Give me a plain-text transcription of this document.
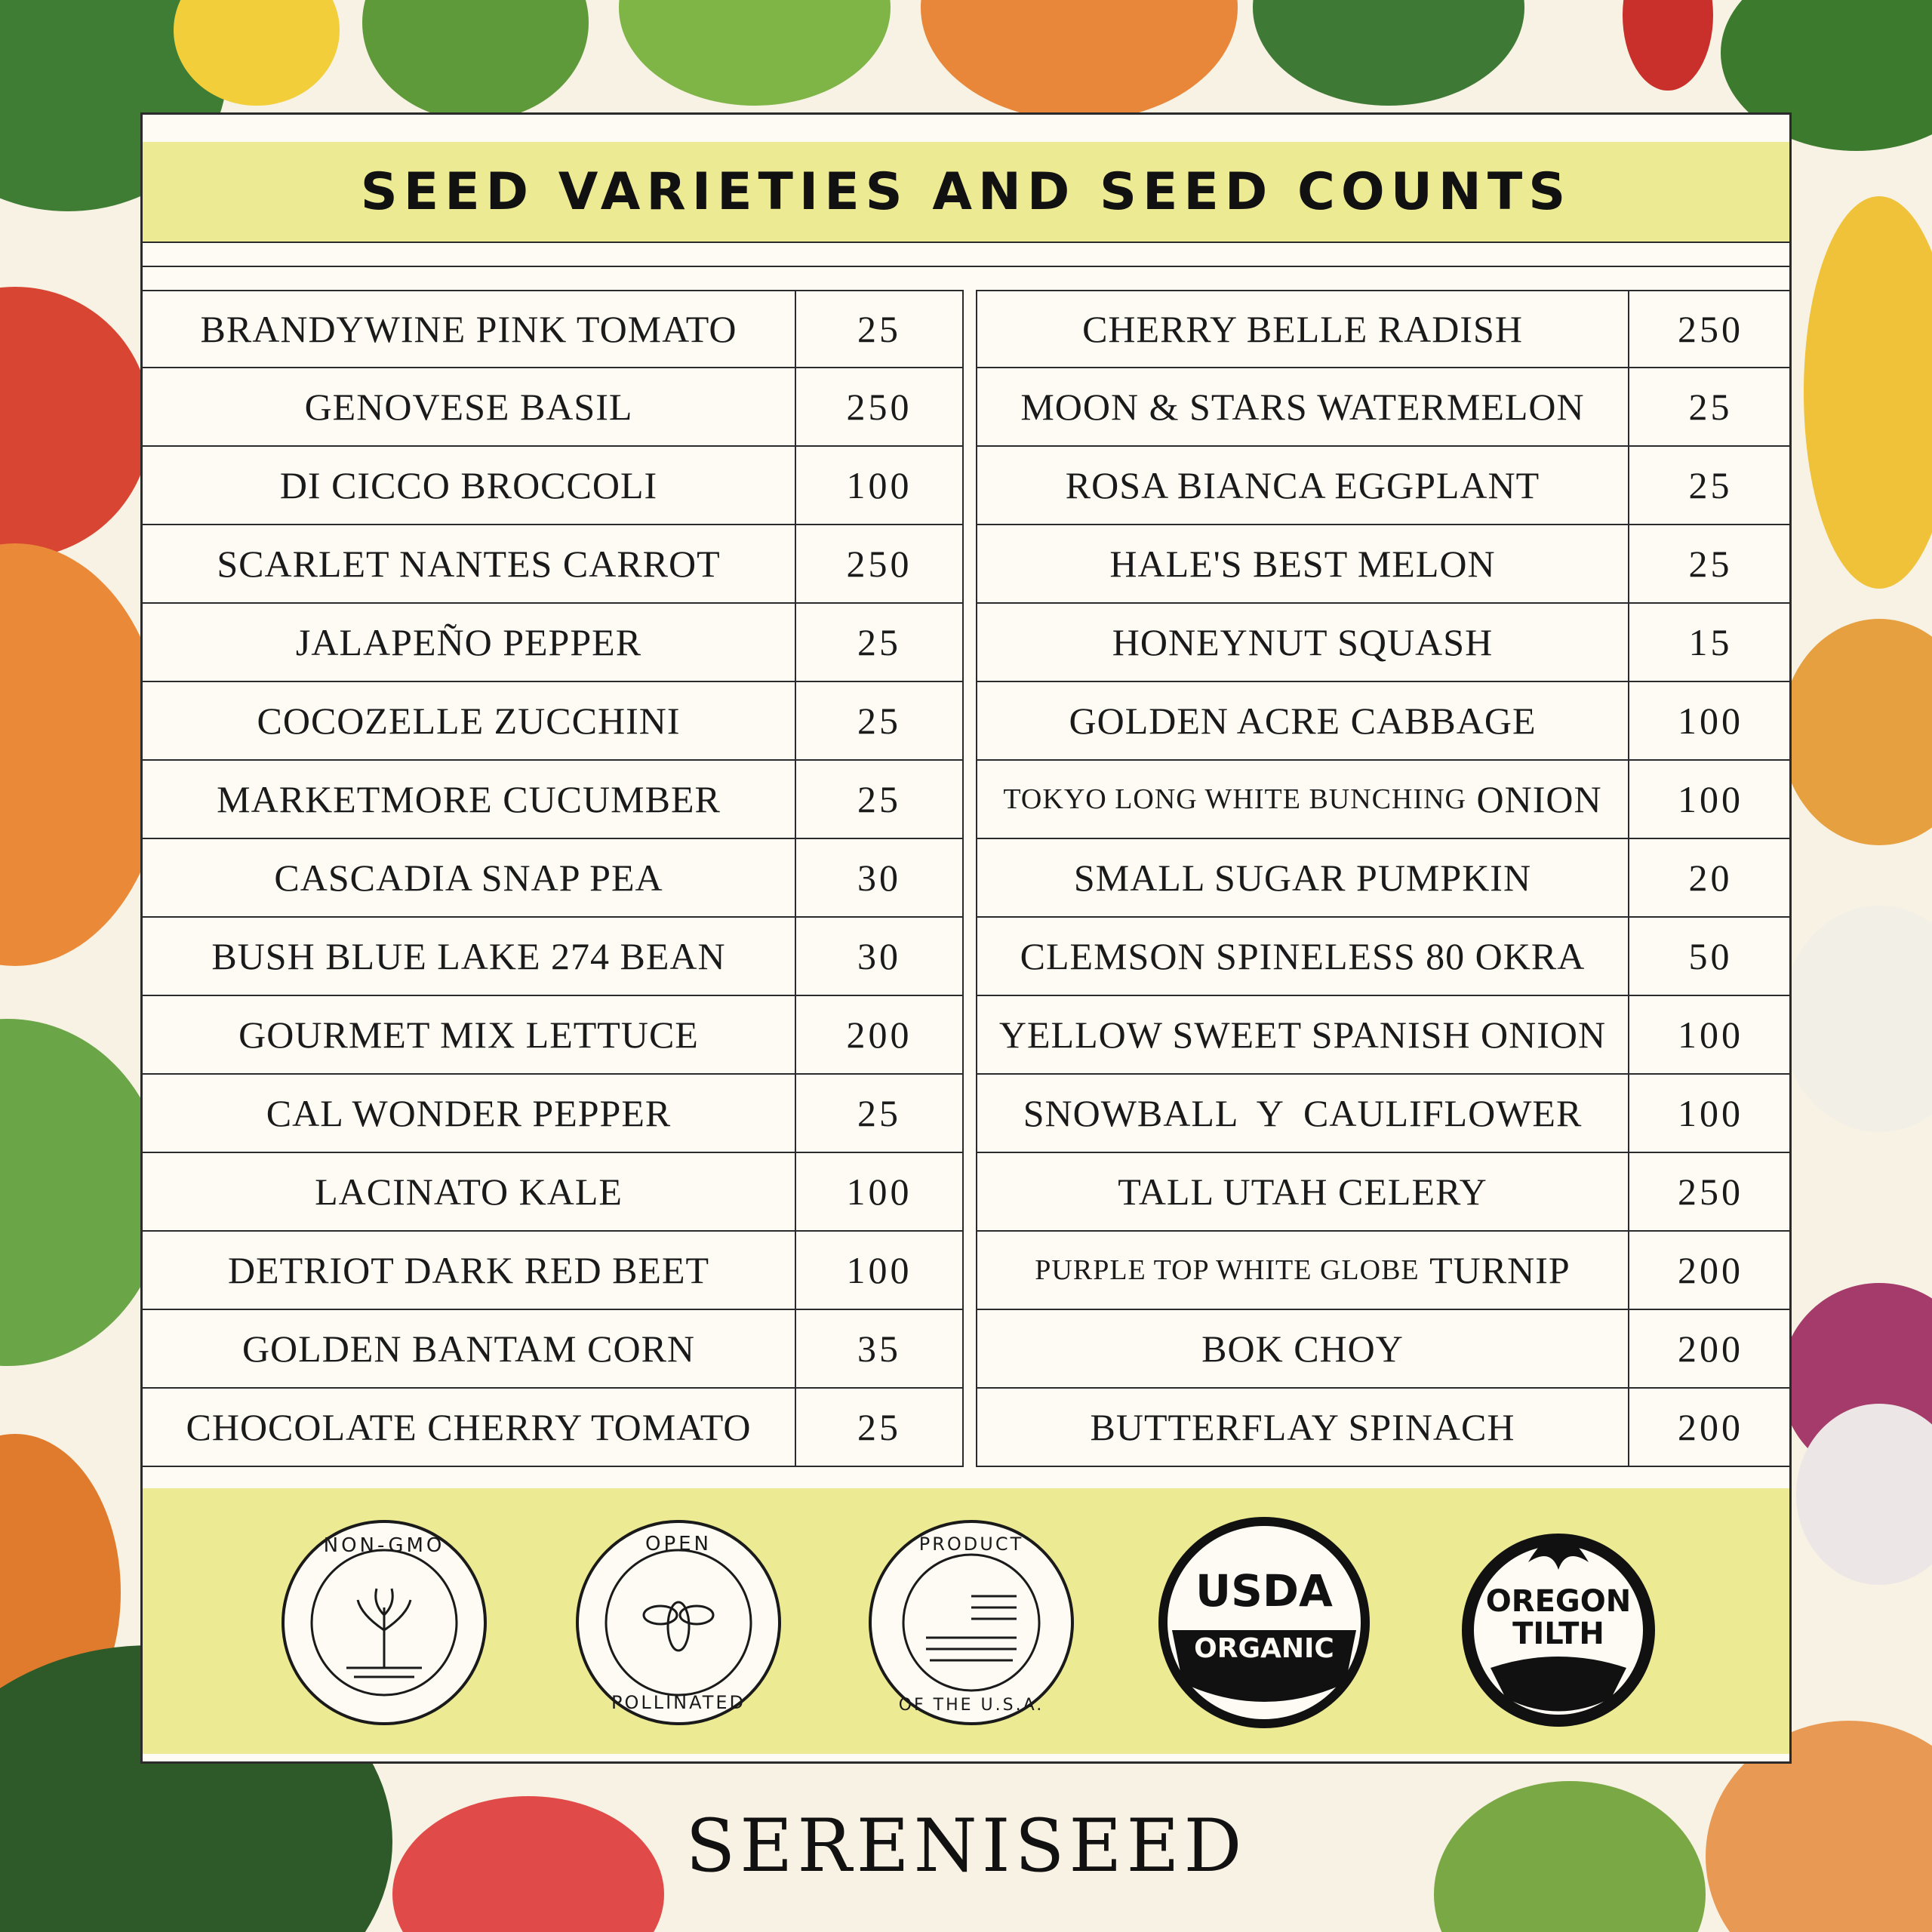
SEED VARIETIES AND SEED COUNTS
BRANDYWINE PINK TOMATO	25
GENOVESE BASIL	250
DI CICCO BROCCOLI	100
SCARLET NANTES CARROT	250
JALAPEÑO PEPPER	25
COCOZELLE ZUCCHINI	25
MARKETMORE CUCUMBER	25
CASCADIA SNAP PEA	30
BUSH BLUE LAKE 274 BEAN	30
GOURMET MIX LETTUCE	200
CAL WONDER PEPPER	25
LACINATO KALE	100
DETRIOT DARK RED BEET	100
GOLDEN BANTAM CORN	35
CHOCOLATE CHERRY TOMATO	25
CHERRY BELLE RADISH	250
MOON & STARS WATERMELON	25
ROSA BIANCA EGGPLANT	25
HALE'S BEST MELON	25
HONEYNUT SQUASH	15
GOLDEN ACRE CABBAGE	100
TOKYO LONG WHITE BUNCHING
ONION	100
SMALL SUGAR PUMPKIN	20
CLEMSON SPINELESS 80 OKRA	50
YELLOW SWEET SPANISH ONION	100
SNOWBALL  Y  CAULIFLOWER	100
TALL UTAH CELERY	250
PURPLE TOP WHITE GLOBE
TURNIP	200
BOK CHOY	200
BUTTERFLAY SPINACH	200
NON-GMO	OPEN
POLLINATED
PRODUCT
OF THE U.S.A.
USDA
ORGANIC
OREGON
TILTH
SERENISEED
